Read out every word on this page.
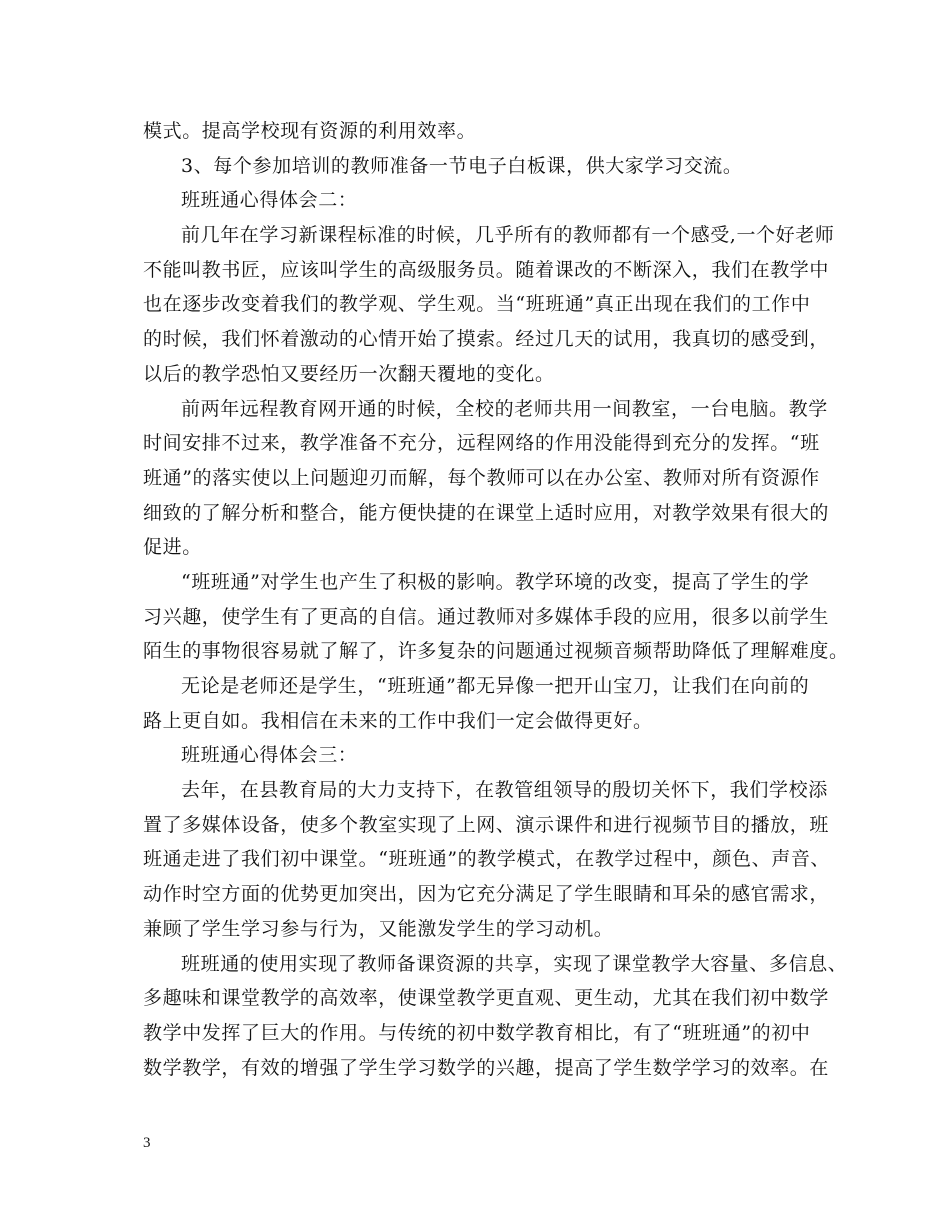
模式。提高学校现有资源的利用效率。
3、每个参加培训的教师准备一节电子白板课，供大家学习交流。
班班通心得体会二：
前几年在学习新课程标准的时候，几乎所有的教师都有一个感受,一个好老师
不能叫教书匠，应该叫学生的高级服务员。随着课改的不断深入，我们在教学中
也在逐步改变着我们的教学观、学生观。当“班班通”真正出现在我们的工作中
的时候，我们怀着激动的心情开始了摸索。经过几天的试用，我真切的感受到，
以后的教学恐怕又要经历一次翻天覆地的变化。
前两年远程教育网开通的时候，全校的老师共用一间教室，一台电脑。教学
时间安排不过来，教学准备不充分，远程网络的作用没能得到充分的发挥。“班
班通”的落实使以上问题迎刃而解，每个教师可以在办公室、教师对所有资源作
细致的了解分析和整合，能方便快捷的在课堂上适时应用，对教学效果有很大的
促进。
“班班通”对学生也产生了积极的影响。教学环境的改变，提高了学生的学
习兴趣，使学生有了更高的自信。通过教师对多媒体手段的应用，很多以前学生
陌生的事物很容易就了解了，许多复杂的问题通过视频音频帮助降低了理解难度。
无论是老师还是学生，“班班通”都无异像一把开山宝刀，让我们在向前的
路上更自如。我相信在未来的工作中我们一定会做得更好。
班班通心得体会三：
去年，在县教育局的大力支持下，在教管组领导的殷切关怀下，我们学校添
置了多媒体设备，使多个教室实现了上网、演示课件和进行视频节目的播放，班
班通走进了我们初中课堂。“班班通”的教学模式，在教学过程中，颜色、声音、
动作时空方面的优势更加突出，因为它充分满足了学生眼睛和耳朵的感官需求，
兼顾了学生学习参与行为，又能激发学生的学习动机。
班班通的使用实现了教师备课资源的共享，实现了课堂教学大容量、多信息、
多趣味和课堂教学的高效率，使课堂教学更直观、更生动，尤其在我们初中数学
教学中发挥了巨大的作用。与传统的初中数学教育相比，有了“班班通”的初中
数学教学，有效的增强了学生学习数学的兴趣，提高了学生数学学习的效率。在
3
